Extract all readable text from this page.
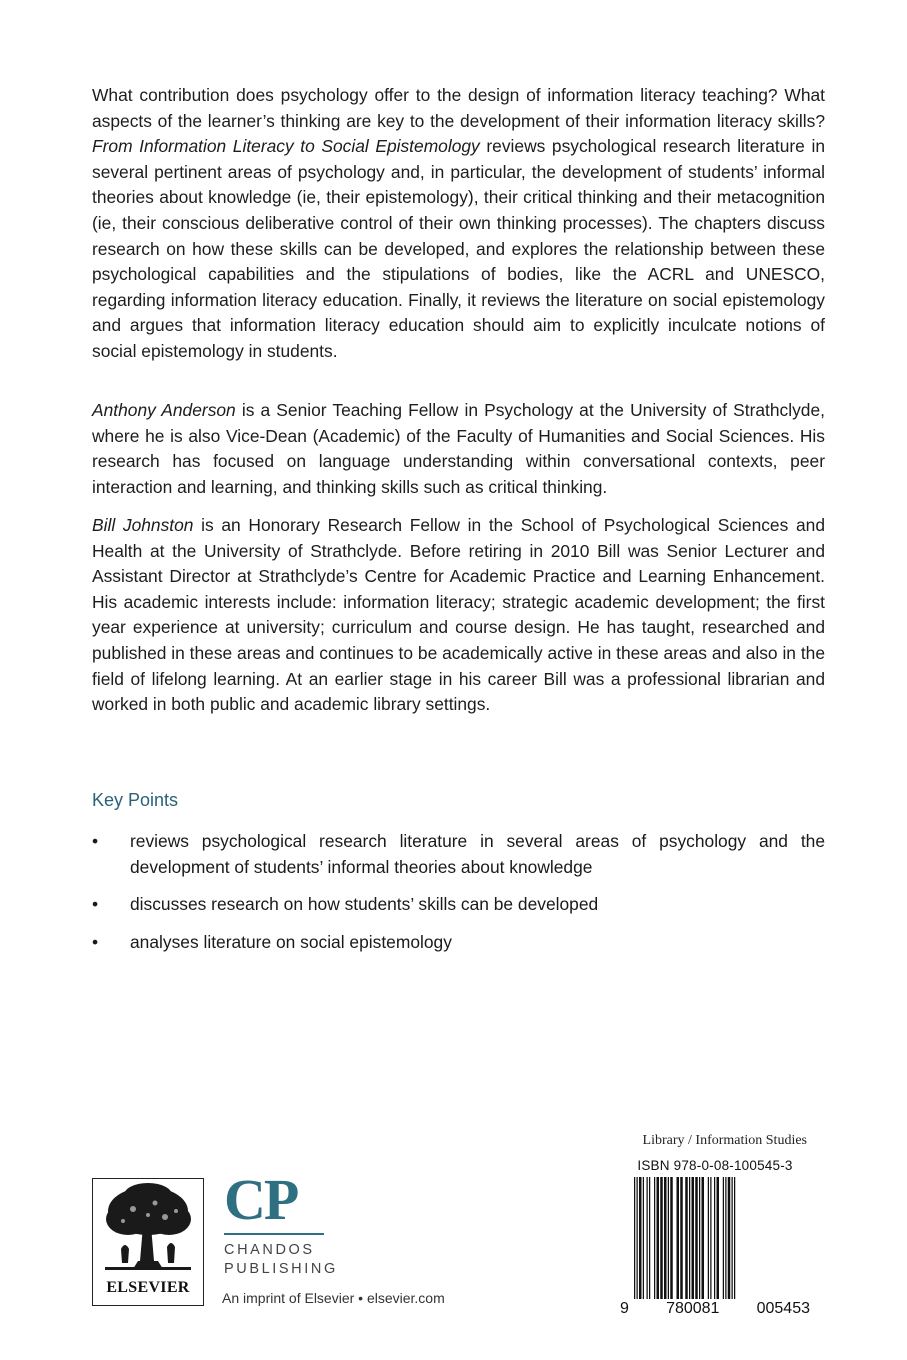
What contribution does psychology offer to the design of information literacy teaching? What aspects of the learner’s thinking are key to the development of their information literacy skills? From Information Literacy to Social Epistemology reviews psychological research literature in several pertinent areas of psychology and, in particular, the development of students’ informal theories about knowledge (ie, their epistemology), their critical thinking and their metacognition (ie, their conscious deliberative control of their own thinking processes). The chapters discuss research on how these skills can be developed, and explores the relationship between these psychological capabilities and the stipulations of bodies, like the ACRL and UNESCO, regarding information literacy education. Finally, it reviews the literature on social epistemology and argues that information literacy education should aim to explicitly inculcate notions of social epistemology in students.

Anthony Anderson is a Senior Teaching Fellow in Psychology at the University of Strathclyde, where he is also Vice-Dean (Academic) of the Faculty of Humanities and Social Sciences. His research has focused on language understanding within conversational contexts, peer interaction and learning, and thinking skills such as critical thinking.

Bill Johnston is an Honorary Research Fellow in the School of Psychological Sciences and Health at the University of Strathclyde. Before retiring in 2010 Bill was Senior Lecturer and Assistant Director at Strathclyde’s Centre for Academic Practice and Learning Enhancement. His academic interests include: information literacy; strategic academic development; the first year experience at university; curriculum and course design. He has taught, researched and published in these areas and continues to be academically active in these areas and also in the field of lifelong learning. At an earlier stage in his career Bill was a professional librarian and worked in both public and academic library settings.

Key Points
• reviews psychological research literature in several areas of psychology and the development of students’ informal theories about knowledge
• discusses research on how students’ skills can be developed
• analyses literature on social epistemology
ELSEVIER
CP
CHANDOS
PUBLISHING
An imprint of Elsevier • elsevier.com
Library / Information Studies
ISBN 978-0-08-100545-3
9 780081 005453
